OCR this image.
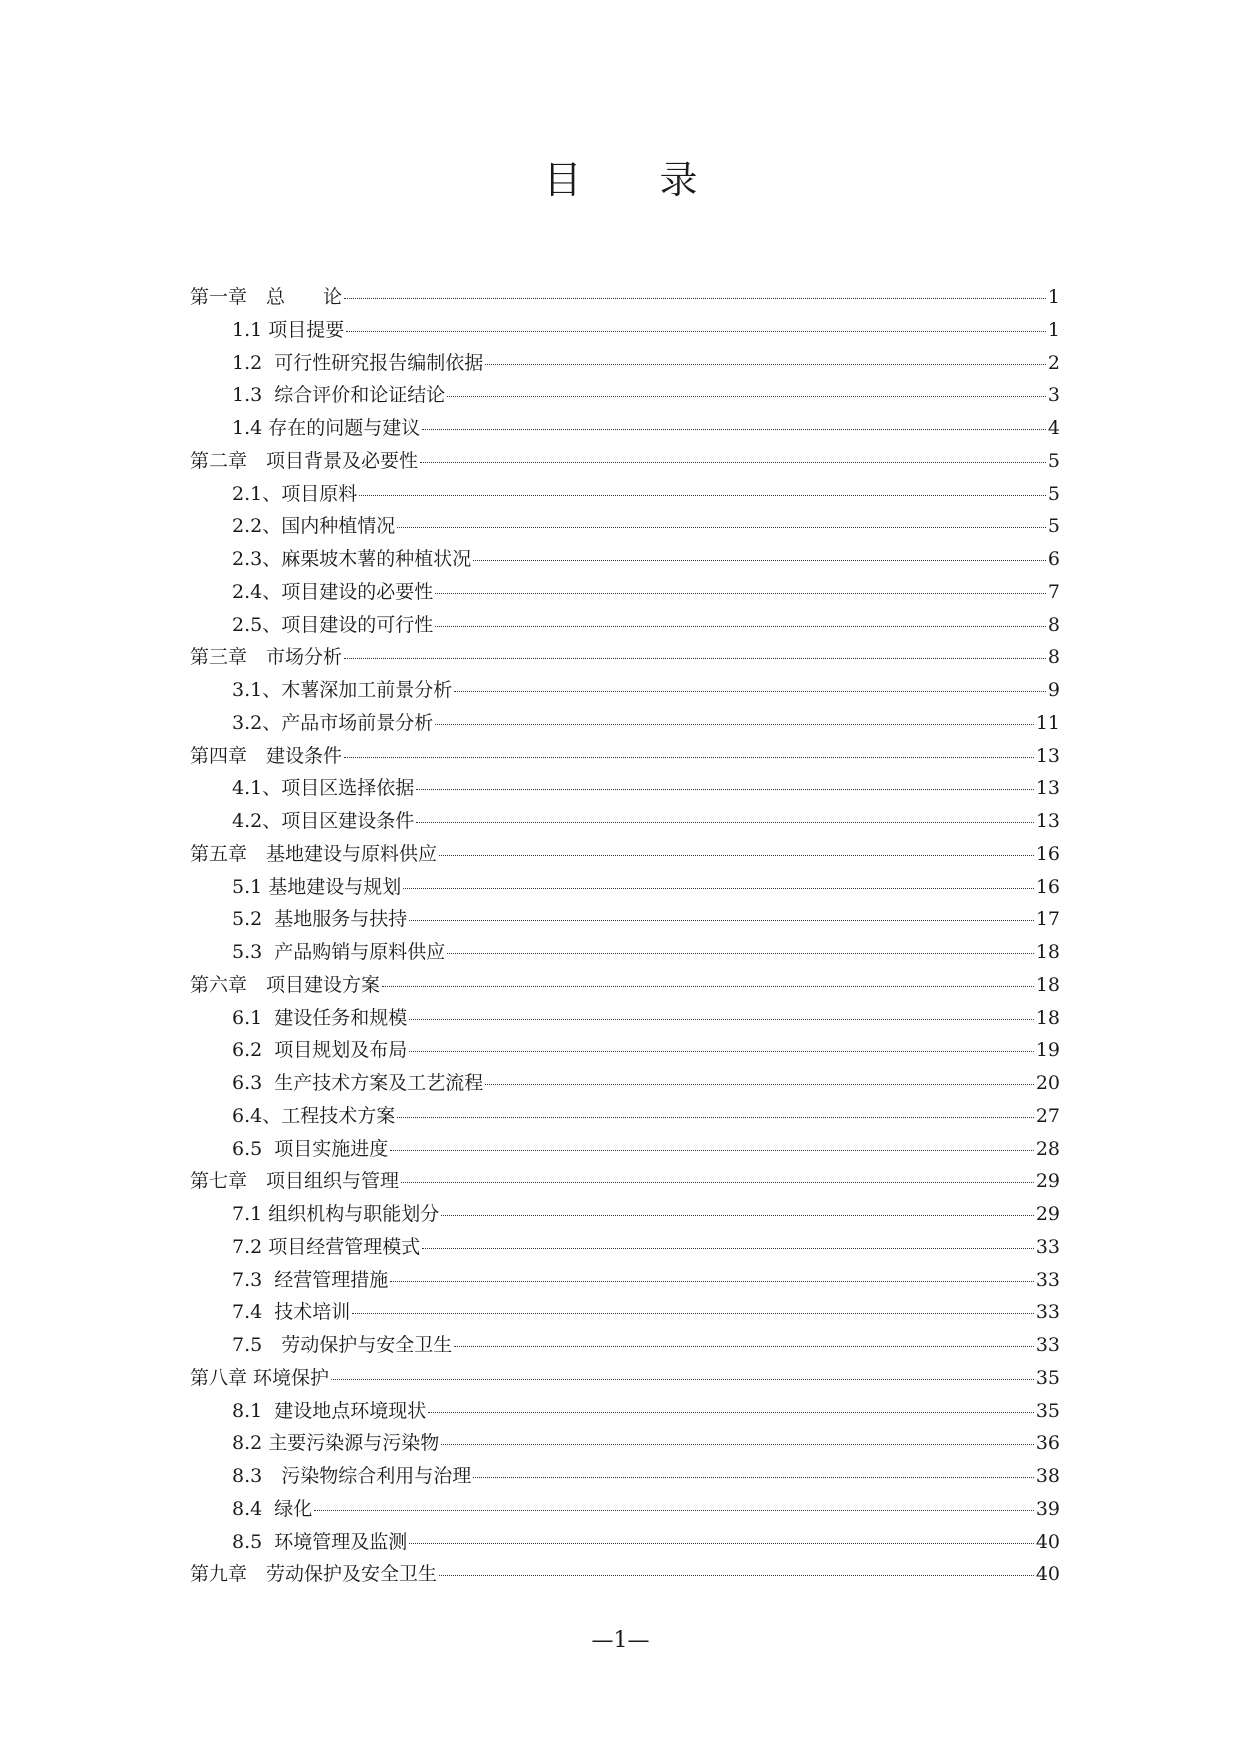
目录
第一章　总　　论	1
1.1 项目提要	1
1.2  可行性研究报告编制依据	2
1.3  综合评价和论证结论	3
1.4 存在的问题与建议	4
第二章　项目背景及必要性	5
2.1、项目原料	5
2.2、国内种植情况	5
2.3、麻栗坡木薯的种植状况	6
2.4、项目建设的必要性	7
2.5、项目建设的可行性	8
第三章　市场分析	8
3.1、木薯深加工前景分析	9
3.2、产品市场前景分析	11
第四章　建设条件	13
4.1、项目区选择依据	13
4.2、项目区建设条件	13
第五章　基地建设与原料供应	16
5.1 基地建设与规划	16
5.2  基地服务与扶持	17
5.3  产品购销与原料供应	18
第六章　项目建设方案	18
6.1  建设任务和规模	18
6.2  项目规划及布局	19
6.3  生产技术方案及工艺流程	20
6.4、工程技术方案	27
6.5  项目实施进度	28
第七章　项目组织与管理	29
7.1 组织机构与职能划分	29
7.2 项目经营管理模式	33
7.3  经营管理措施	33
7.4  技术培训	33
7.5　劳动保护与安全卫生	33
第八章 环境保护	35
8.1  建设地点环境现状	35
8.2 主要污染源与污染物	36
8.3　污染物综合利用与治理	38
8.4  绿化	39
8.5  环境管理及监测	40
第九章　劳动保护及安全卫生	40
—1—
